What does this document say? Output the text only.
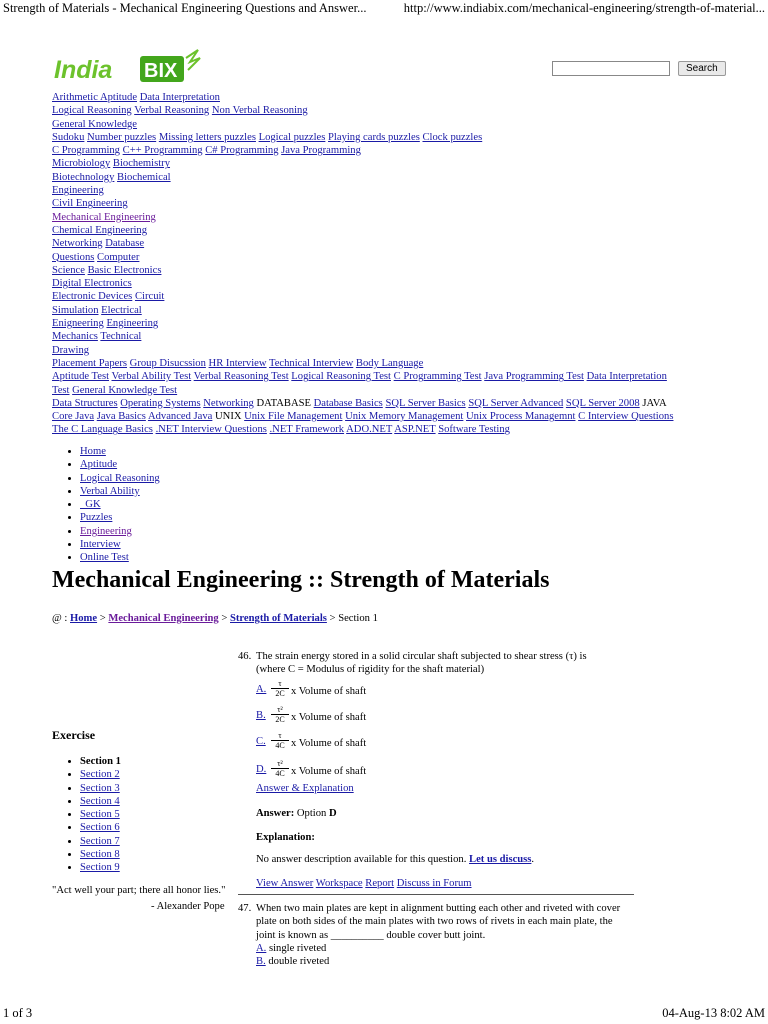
Strength of Materials - Mechanical Engineering Questions and Answer...	http://www.indiabix.com/mechanical-engineering/strength-of-material...
India BIX	Search
Arithmetic Aptitude Data Interpretation
Logical Reasoning Verbal Reasoning Non Verbal Reasoning
General Knowledge
Sudoku Number puzzles Missing letters puzzles Logical puzzles Playing cards puzzles Clock puzzles
C Programming C++ Programming C# Programming Java Programming
Microbiology Biochemistry
Biotechnology Biochemical
Engineering
Civil Engineering
Mechanical Engineering
Chemical Engineering
Networking Database
Questions Computer
Science Basic Electronics
Digital Electronics
Electronic Devices Circuit
Simulation Electrical
Enigneering Engineering
Mechanics Technical
Drawing
Placement Papers Group Disucssion HR Interview Technical Interview Body Language
Aptitude Test Verbal Ability Test Verbal Reasoning Test Logical Reasoning Test C Programming Test Java Programming Test Data Interpretation
Test General Knowledge Test
Data Structures Operating Systems Networking DATABASE Database Basics SQL Server Basics SQL Server Advanced SQL Server 2008 JAVA
Core Java Java Basics Advanced Java UNIX Unix File Management Unix Memory Management Unix Process Managemnt C Interview Questions
The C Language Basics .NET Interview Questions .NET Framework ADO.NET ASP.NET Software Testing
• Home
• Aptitude
• Logical Reasoning
• Verbal Ability
•   GK
• Puzzles
• Engineering
• Interview
• Online Test
Mechanical Engineering :: Strength of Materials
@ : Home > Mechanical Engineering > Strength of Materials > Section 1
Exercise
• Section 1
• Section 2
• Section 3
• Section 4
• Section 5
• Section 6
• Section 7
• Section 8
• Section 9
"Act well your part; there all honor lies."
- Alexander Pope
46. The strain energy stored in a solid circular shaft subjected to shear stress (τ) is
(where C = Modulus of rigidity for the shaft material)
A. $\frac{\tau}{2C}$ x Volume of shaft
B. $\frac{\text{τ²}}{2C}$ x Volume of shaft
C. $\frac{\tau}{4C}$ x Volume of shaft
D. $\frac{\text{τ²}}{4C}$ x Volume of shaft
Answer & Explanation
Answer: Option D
Explanation:
No answer description available for this question. Let us discuss.
View Answer Workspace Report Discuss in Forum
47. When two main plates are kept in alignment butting each other and riveted with cover plate on both sides of the main plates with two rows of rivets in each main plate, the joint is known as __________ double cover butt joint.
A. single riveted
B. double riveted
1 of 3	04-Aug-13 8:02 AM
